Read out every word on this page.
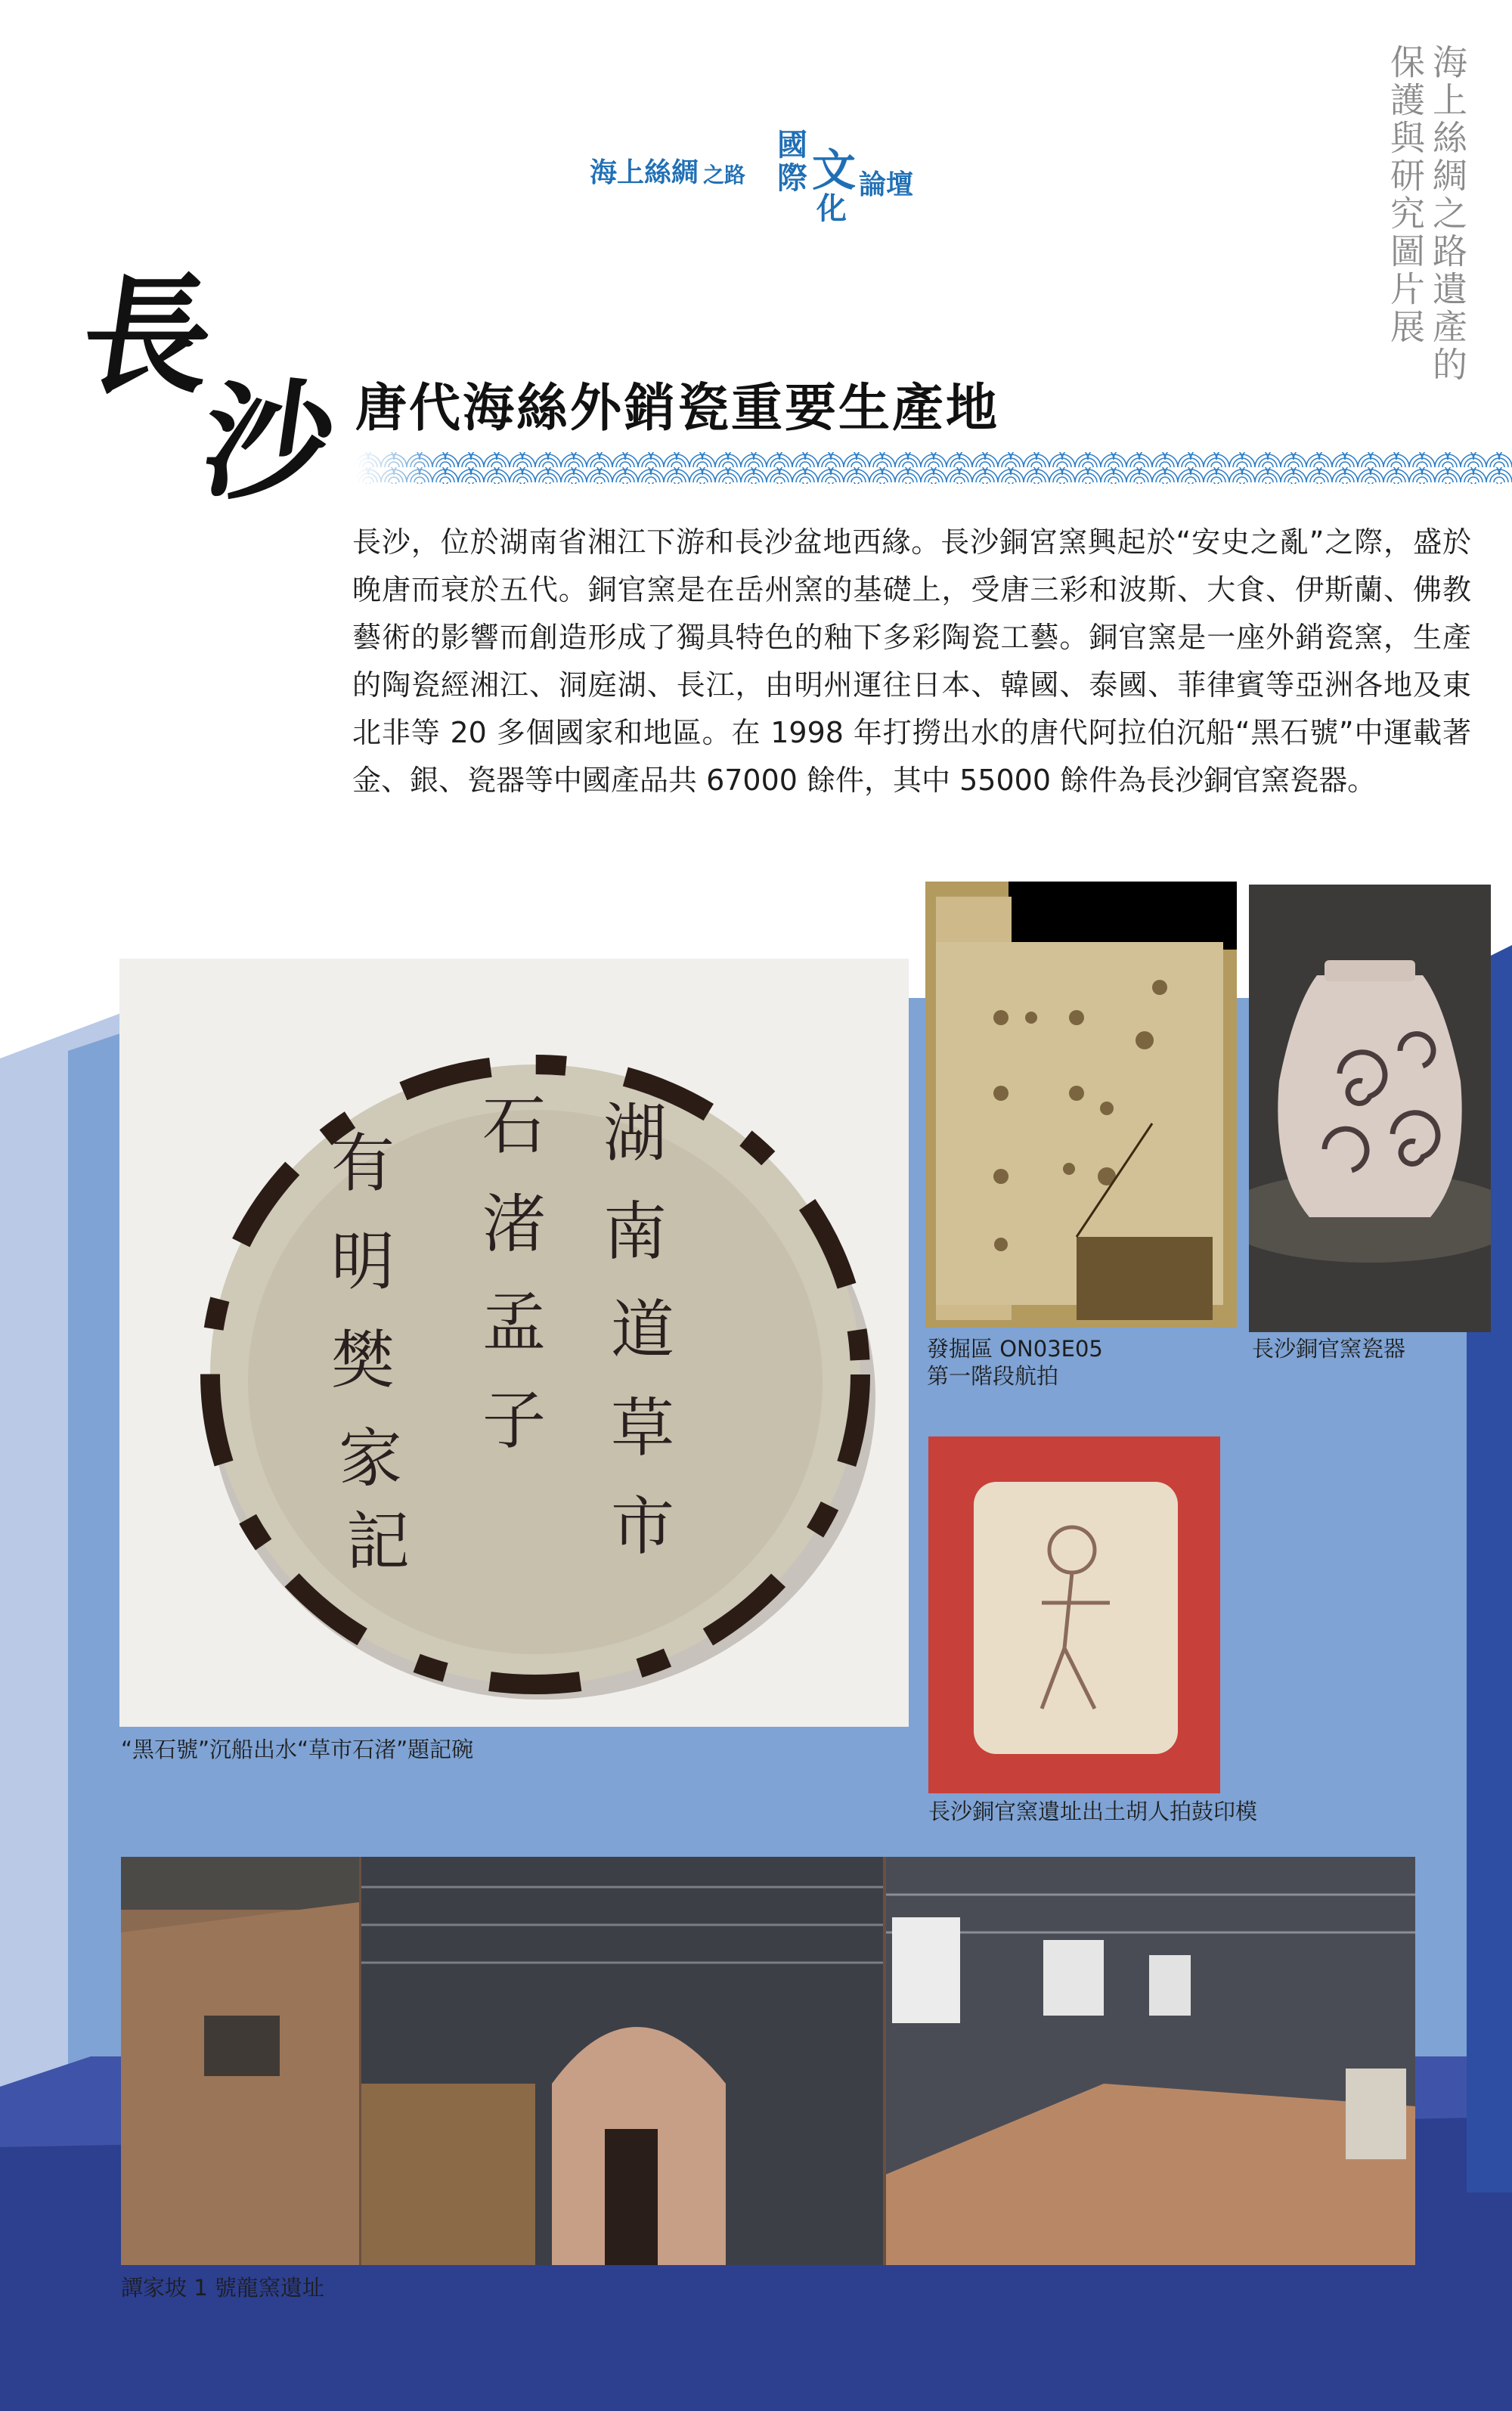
海上絲綢之路遺產的
保護與研究圖片展
海上絲綢 之路
國
際 文
化
論壇
長
沙 唐代海絲外銷瓷重要生產地
長沙，位於湖南省湘江下游和長沙盆地西緣。長沙銅宮窯興起於“安史之亂”之際，盛於晚唐而衰於五代。銅官窯是在岳州窯的基礎上，受唐三彩和波斯、大食、伊斯蘭、佛教藝術的影響而創造形成了獨具特色的釉下多彩陶瓷工藝。銅官窯是一座外銷瓷窯，生產的陶瓷經湘江、洞庭湖、長江，由明州運往日本、韓國、泰國、菲律賓等亞洲各地及東北非等 20 多個國家和地區。在 1998 年打撈出水的唐代阿拉伯沉船“黑石號”中運載著金、銀、瓷器等中國產品共 67000 餘件，其中 55000 餘件為長沙銅官窯瓷器。
湖
南
道
草
市
石
渚
孟
子
有
明
樊
家
記
“黑石號”沉船出水“草市石渚”題記碗
發掘區 ON03E05
第一階段航拍
長沙銅官窯瓷器
長沙銅官窯遺址出土胡人拍鼓印模
譚家坡 1 號龍窯遺址
